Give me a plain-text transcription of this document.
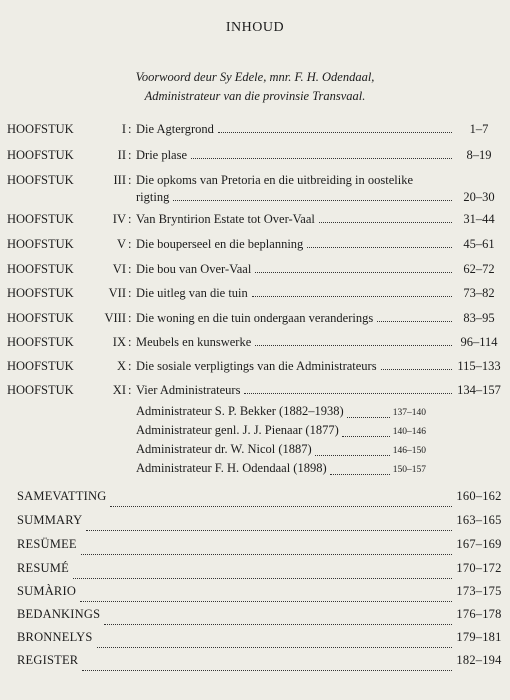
INHOUD
Voorwoord deur Sy Edele, mnr. F. H. Odendaal,
Administrateur van die provinsie Transvaal.
HOOFSTUK	I : Die Agtergrond	1–7
HOOFSTUK	II : Drie plase	8–19
HOOFSTUK	III : Die opkoms van Pretoria en die uitbreiding in oostelike
rigting	20–30
HOOFSTUK	IV : Van Bryntirion Estate tot Over-Vaal	31–44
HOOFSTUK	V : Die bouperseel en die beplanning	45–61
HOOFSTUK	VI : Die bou van Over-Vaal	62–72
HOOFSTUK	VII : Die uitleg van die tuin	73–82
HOOFSTUK	VIII : Die woning en die tuin ondergaan veranderings	83–95
HOOFSTUK	IX : Meubels en kunswerke	96–114
HOOFSTUK	X : Die sosiale verpligtings van die Administrateurs	115–133
HOOFSTUK	XI : Vier Administrateurs	134–157
Administrateur S. P. Bekker (1882–1938)	137–140
Administrateur genl. J. J. Pienaar (1877)	140–146
Administrateur dr. W. Nicol (1887)	146–150
Administrateur F. H. Odendaal (1898)	150–157
SAMEVATTING	160–162
SUMMARY	163–165
RESÜMEE	167–169
RESUMÉ	170–172
SUMÀRIO	173–175
BEDANKINGS	176–178
BRONNELYS	179–181
REGISTER	182–194
